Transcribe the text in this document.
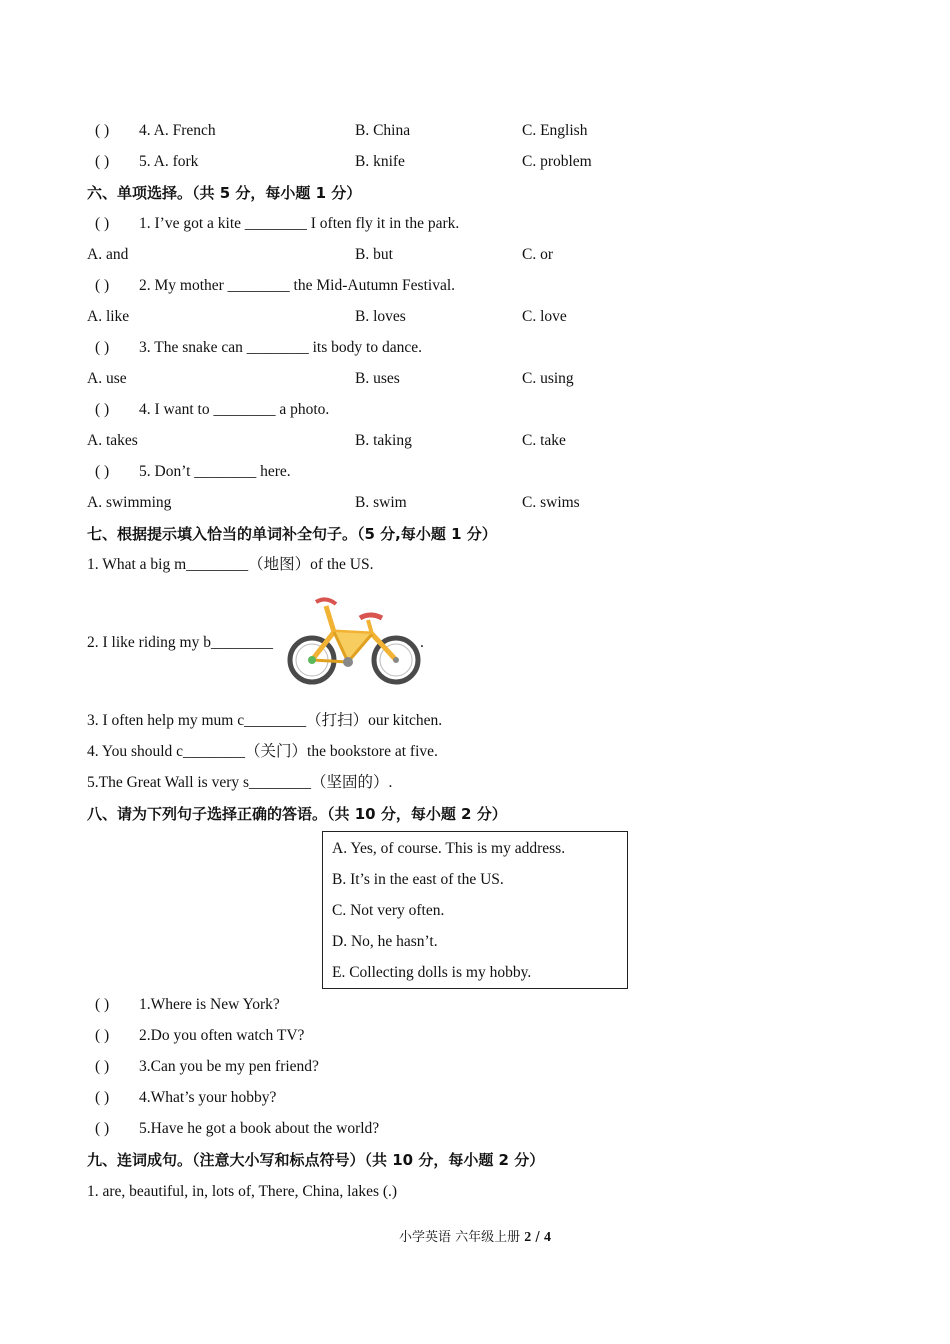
( ) 4. A. French	B. China	C. English
( ) 5. A. fork	B. knife	C. problem
六、单项选择。（共 5 分，每小题 1 分）
( ) 1. I’ve got a kite ________ I often fly it in the park.
A. and	B. but	C. or
( ) 2. My mother ________ the Mid-Autumn Festival.
A. like	B. loves	C. love
( ) 3. The snake can ________ its body to dance.
A. use	B. uses	C. using
( ) 4. I want to ________ a photo.
A. takes	B. taking	C. take
( ) 5. Don’t ________ here.
A. swimming	B. swim	C. swims
七、根据提示填入恰当的单词补全句子。（5 分,每小题 1 分）
1. What a big m________（地图）of the US.
2. I like riding my b________	.
3. I often help my mum c________（打扫）our kitchen.
4. You should c________（关门）the bookstore at five.
5.The Great Wall is very s________（坚固的）.
八、请为下列句子选择正确的答语。（共 10 分，每小题 2 分）
A. Yes, of course. This is my address.
B. It’s in the east of the US.
C. Not very often.
D. No, he hasn’t.
E. Collecting dolls is my hobby.
( ) 1.Where is New York?
( ) 2.Do you often watch TV?
( ) 3.Can you be my pen friend?
( ) 4.What’s your hobby?
( ) 5.Have he got a book about the world?
九、连词成句。（注意大小写和标点符号）（共 10 分，每小题 2 分）
1. are, beautiful, in, lots of, There, China, lakes (.)
小学英语 六年级上册 2 / 4
